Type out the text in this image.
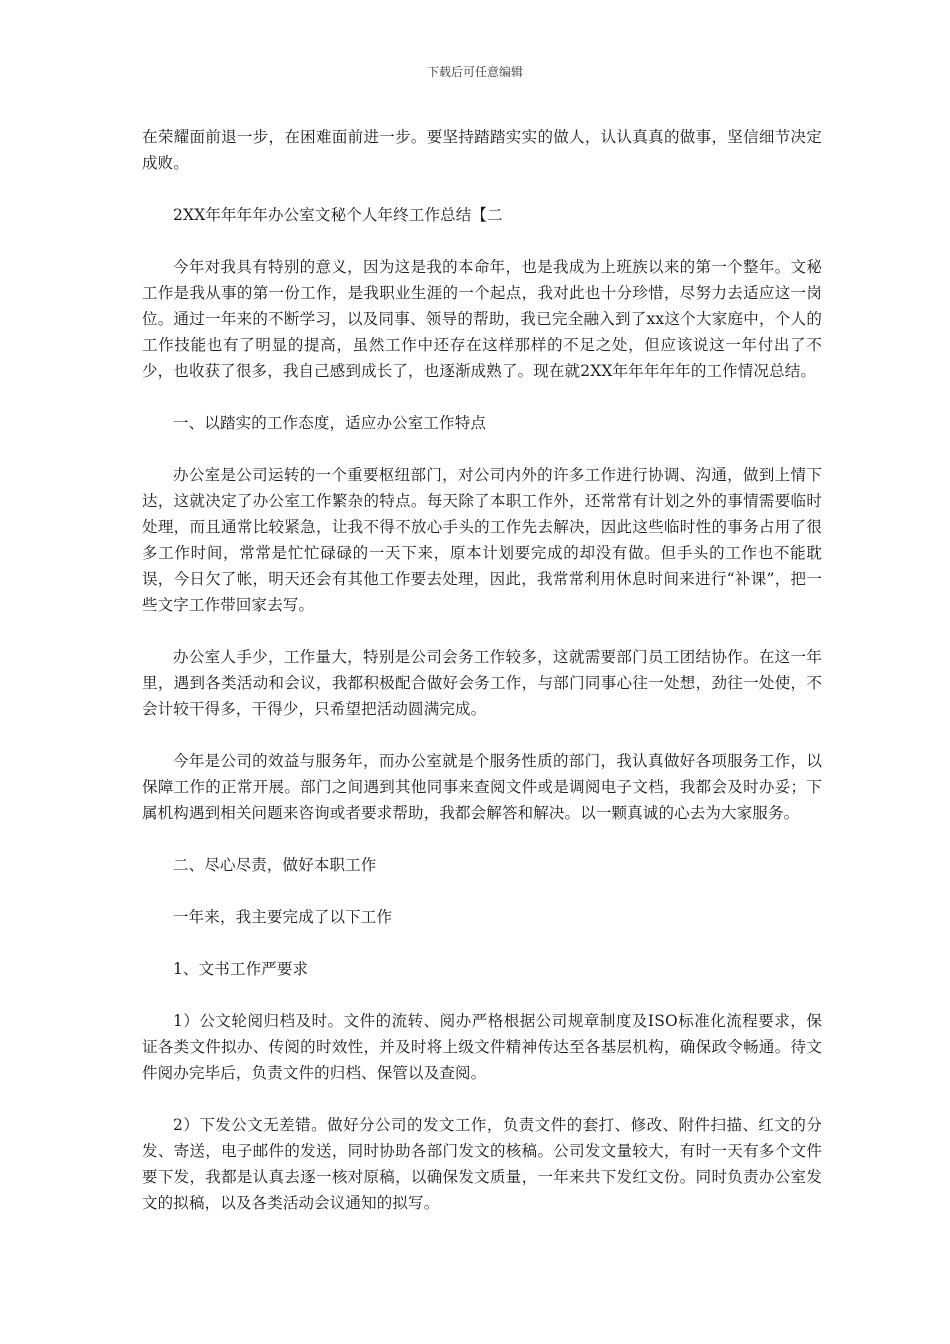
下载后可任意编辑

在荣耀面前退一步，在困难面前进一步。要坚持踏踏实实的做人，认认真真的做事，坚信细节决定成败。

2XX年年年年办公室文秘个人年终工作总结【二

今年对我具有特别的意义，因为这是我的本命年，也是我成为上班族以来的第一个整年。文秘工作是我从事的第一份工作，是我职业生涯的一个起点，我对此也十分珍惜，尽努力去适应这一岗位。通过一年来的不断学习，以及同事、领导的帮助，我已完全融入到了xx这个大家庭中，个人的工作技能也有了明显的提高，虽然工作中还存在这样那样的不足之处，但应该说这一年付出了不少，也收获了很多，我自己感到成长了，也逐渐成熟了。现在就2XX年年年年年的工作情况总结。

一、以踏实的工作态度，适应办公室工作特点

办公室是公司运转的一个重要枢纽部门，对公司内外的许多工作进行协调、沟通，做到上情下达，这就决定了办公室工作繁杂的特点。每天除了本职工作外，还常常有计划之外的事情需要临时处理，而且通常比较紧急，让我不得不放心手头的工作先去解决，因此这些临时性的事务占用了很多工作时间，常常是忙忙碌碌的一天下来，原本计划要完成的却没有做。但手头的工作也不能耽误，今日欠了帐，明天还会有其他工作要去处理，因此，我常常利用休息时间来进行“补课”，把一些文字工作带回家去写。

办公室人手少，工作量大，特别是公司会务工作较多，这就需要部门员工团结协作。在这一年里，遇到各类活动和会议，我都积极配合做好会务工作，与部门同事心往一处想，劲往一处使，不会计较干得多，干得少，只希望把活动圆满完成。

今年是公司的效益与服务年，而办公室就是个服务性质的部门，我认真做好各项服务工作，以保障工作的正常开展。部门之间遇到其他同事来查阅文件或是调阅电子文档，我都会及时办妥；下属机构遇到相关问题来咨询或者要求帮助，我都会解答和解决。以一颗真诚的心去为大家服务。

二、尽心尽责，做好本职工作

一年来，我主要完成了以下工作

1、文书工作严要求

1）公文轮阅归档及时。文件的流转、阅办严格根据公司规章制度及ISO标准化流程要求，保证各类文件拟办、传阅的时效性，并及时将上级文件精神传达至各基层机构，确保政令畅通。待文件阅办完毕后，负责文件的归档、保管以及查阅。

2）下发公文无差错。做好分公司的发文工作，负责文件的套打、修改、附件扫描、红文的分发、寄送，电子邮件的发送，同时协助各部门发文的核稿。公司发文量较大，有时一天有多个文件要下发，我都是认真去逐一核对原稿，以确保发文质量，一年来共下发红文份。同时负责办公室发文的拟稿，以及各类活动会议通知的拟写。
